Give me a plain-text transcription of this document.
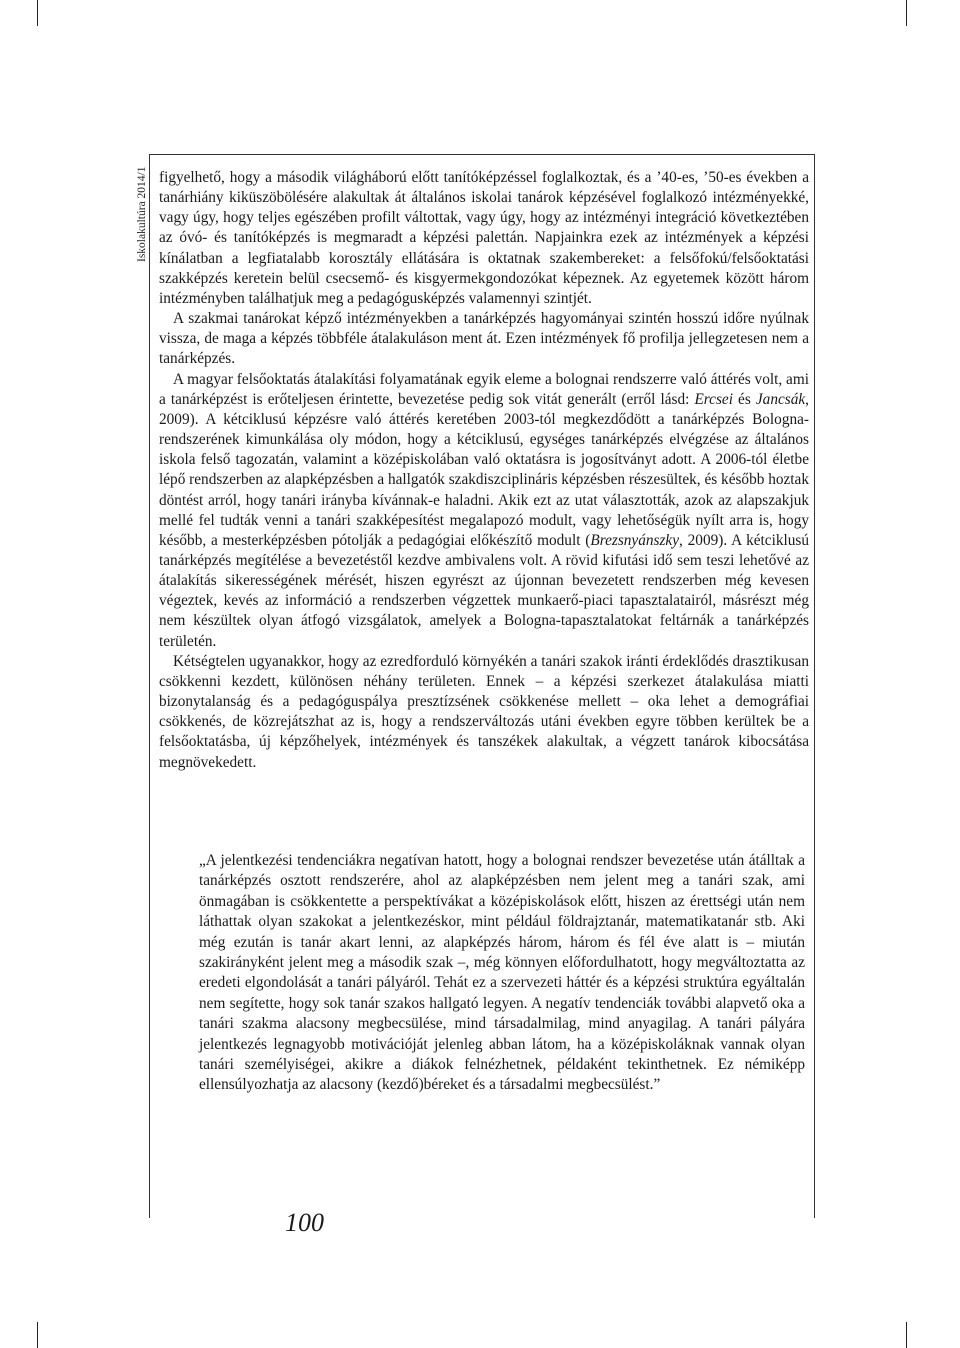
Iskolakultúra 2014/1 figyelhető, hogy a második világháború előtt tanítóképzéssel foglalkoztak, és a ’40-es, ’50-es években a tanárhiány kiküszöbölésére alakultak át általános iskolai tanárok képzésével foglalkozó intézményekké, vagy úgy, hogy teljes egészében profilt váltottak, vagy úgy, hogy az intézményi integráció következtében az óvó- és tanítóképzés is megmaradt a képzési palettán. Napjainkra ezek az intézmények a képzési kínálatban a legfiatalabb korosztály ellátására is oktatnak szakembereket: a felsőfokú/felsőoktatási szakképzés keretein belül csecsemő- és kisgyermekgondozókat képeznek. Az egyetemek között három intézményben találhatjuk meg a pedagógusképzés valamennyi szintjét.

A szakmai tanárokat képző intézményekben a tanárképzés hagyományai szintén hosszú időre nyúlnak vissza, de maga a képzés többféle átalakuláson ment át. Ezen intézmények fő profilja jellegzetesen nem a tanárképzés.

A magyar felsőoktatás átalakítási folyamatának egyik eleme a bolognai rendszerre való áttérés volt, ami a tanárképzést is erőteljesen érintette, bevezetése pedig sok vitát generált (erről lásd: Ercsei és Jancsák, 2009). A kétciklusú képzésre való áttérés keretében 2003-tól megkezdődött a tanárképzés Bologna-rendszerének kimunkálása oly módon, hogy a kétciklusú, egységes tanárképzés elvégzése az általános iskola felső tagozatán, valamint a középiskolában való oktatásra is jogosítványt adott. A 2006-tól életbe lépő rendszerben az alapképzésben a hallgatók szakdiszciplináris képzésben részesültek, és később hoztak döntést arról, hogy tanári irányba kívánnak-e haladni. Akik ezt az utat választották, azok az alapszakjuk mellé fel tudták venni a tanári szakképesítést megalapozó modult, vagy lehetőségük nyílt arra is, hogy később, a mesterképzésben pótolják a pedagógiai előkészítő modult (Brezsnyánszky, 2009). A kétciklusú tanárképzés megítélése a bevezetéstől kezdve ambivalens volt. A rövid kifutási idő sem teszi lehetővé az átalakítás sikerességének mérését, hiszen egyrészt az újonnan bevezetett rendszerben még kevesen végeztek, kevés az információ a rendszerben végzettek munkaerő-piaci tapasztalatairól, másrészt még nem készültek olyan átfogó vizsgálatok, amelyek a Bologna-tapasztalatokat feltárnák a tanárképzés területén.

Kétségtelen ugyanakkor, hogy az ezredforduló környékén a tanári szakok iránti érdeklődés drasztikusan csökkenni kezdett, különösen néhány területen. Ennek – a képzési szerkezet átalakulása miatti bizonytalanság és a pedagóguspálya presztízsének csökkenése mellett – oka lehet a demográfiai csökkenés, de közrejátszhat az is, hogy a rendszerváltozás utáni években egyre többen kerültek be a felsőoktatásba, új képzőhelyek, intézmények és tanszékek alakultak, a végzett tanárok kibocsátása megnövekedett.

„A jelentkezési tendenciákra negatívan hatott, hogy a bolognai rendszer bevezetése után átálltak a tanárképzés osztott rendszerére, ahol az alapképzésben nem jelent meg a tanári szak, ami önmagában is csökkentette a perspektívákat a középiskolások előtt, hiszen az érettségi után nem láthattak olyan szakokat a jelentkezéskor, mint például földrajztanár, matematikatanár stb. Aki még ezután is tanár akart lenni, az alapképzés három, három és fél éve alatt is – miután szakirányként jelent meg a második szak –, még könnyen előfordulhatott, hogy megváltoztatta az eredeti elgondolását a tanári pályáról. Tehát ez a szervezeti háttér és a képzési struktúra egyáltalán nem segítette, hogy sok tanár szakos hallgató legyen. A negatív tendenciák további alapvető oka a tanári szakma alacsony megbecsülése, mind társadalmilag, mind anyagilag. A tanári pályára jelentkezés legnagyobb motivációját jelenleg abban látom, ha a középiskoláknak vannak olyan tanári személyiségei, akikre a diákok felnézhetnek, példaként tekinthetnek. Ez némiképp ellensúlyozhatja az alacsony (kezdő)béreket és a társadalmi megbecsülést.”

100
